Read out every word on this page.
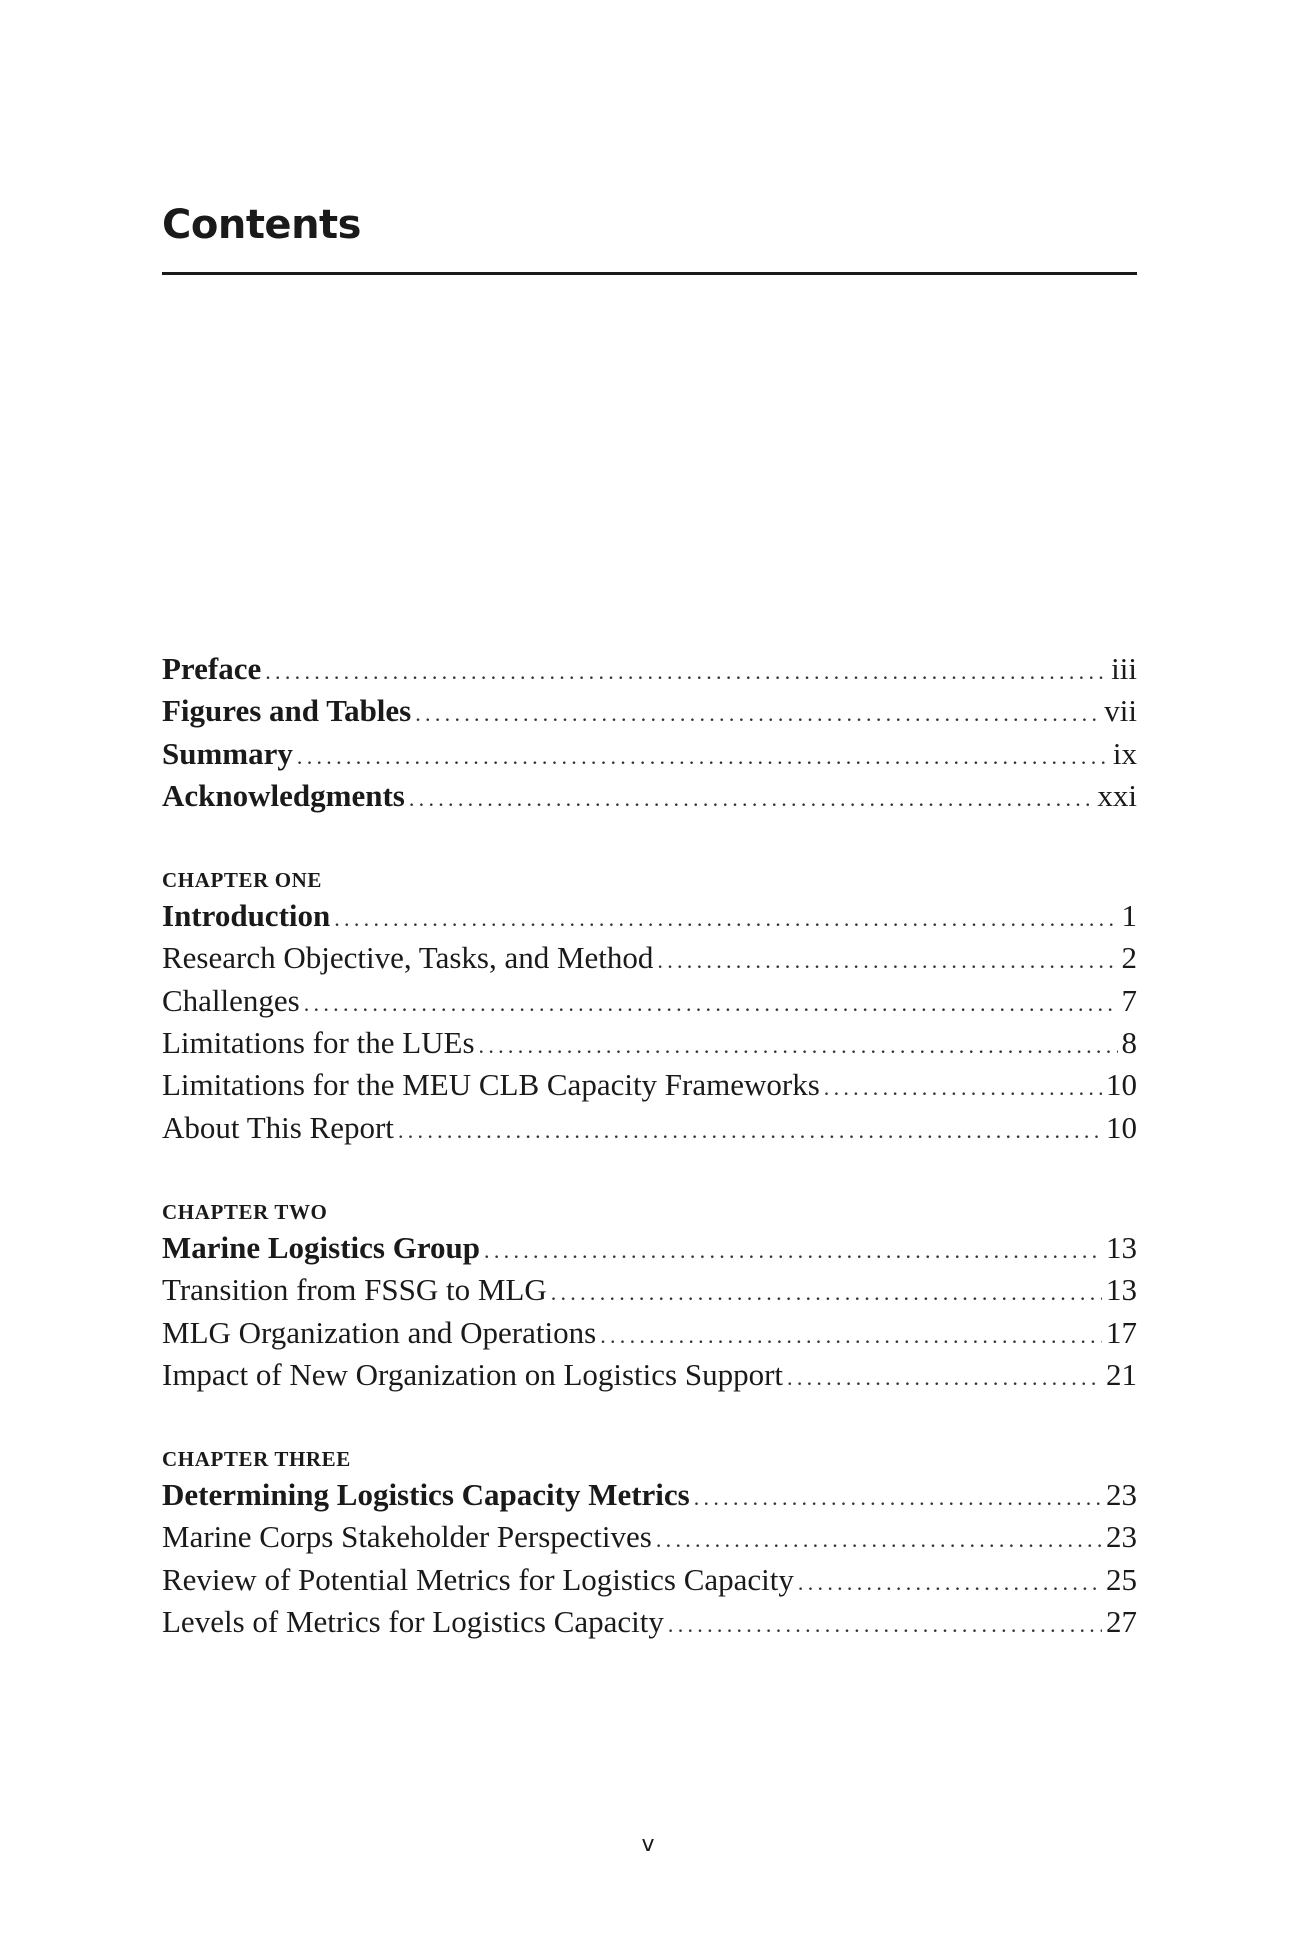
Contents
Preface .....	iii
Figures and Tables .....	vii
Summary .....	ix
Acknowledgments .....	xxi
CHAPTER ONE
Introduction .....	1
Research Objective, Tasks, and Method .....	2
Challenges .....	7
Limitations for the LUEs .....	8
Limitations for the MEU CLB Capacity Frameworks .....	10
About This Report .....	10
CHAPTER TWO
Marine Logistics Group .....	13
Transition from FSSG to MLG .....	13
MLG Organization and Operations .....	17
Impact of New Organization on Logistics Support .....	21
CHAPTER THREE
Determining Logistics Capacity Metrics .....	23
Marine Corps Stakeholder Perspectives .....	23
Review of Potential Metrics for Logistics Capacity .....	25
Levels of Metrics for Logistics Capacity .....	27
v
